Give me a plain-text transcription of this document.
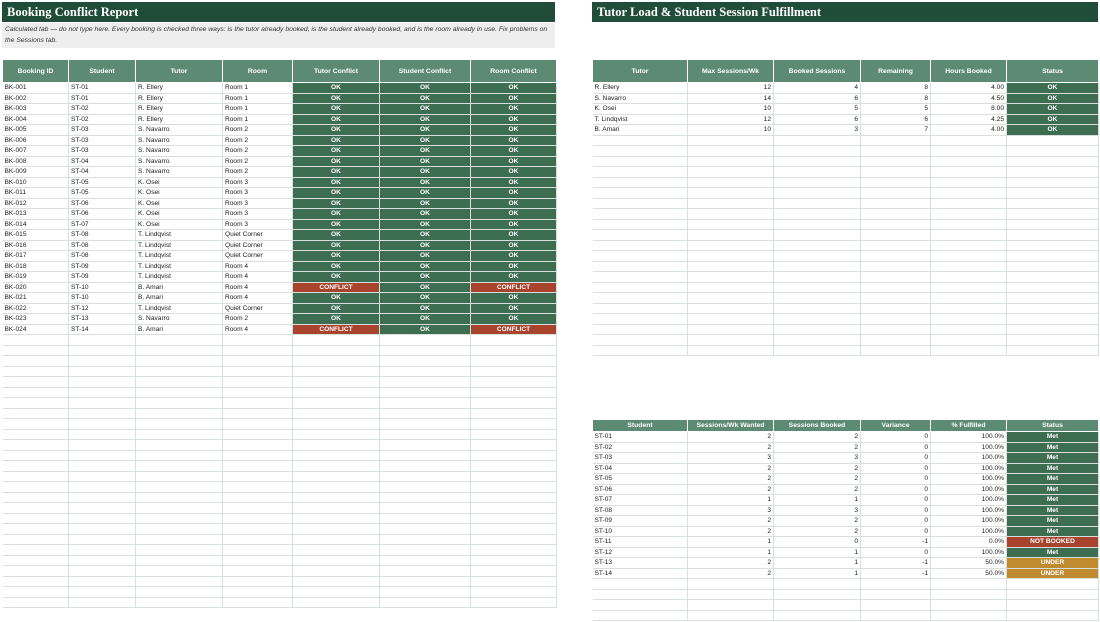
Booking Conflict Report	Tutor Load & Student Session Fulfillment
Calculated tab — do not type here. Every booking is checked three ways: is the tutor already booked, is the student already booked, and is the room already in use. Fix problems on the Sessions tab.
Booking ID	Student	Tutor	Room	Tutor Conflict	Student Conflict	Room Conflict
BK-001	ST-01	R. Ellery	Room 1	OK	OK	OK
BK-002	ST-01	R. Ellery	Room 1	OK	OK	OK
BK-003	ST-02	R. Ellery	Room 1	OK	OK	OK
BK-004	ST-02	R. Ellery	Room 1	OK	OK	OK
BK-005	ST-03	S. Navarro	Room 2	OK	OK	OK
BK-006	ST-03	S. Navarro	Room 2	OK	OK	OK
BK-007	ST-03	S. Navarro	Room 2	OK	OK	OK
BK-008	ST-04	S. Navarro	Room 2	OK	OK	OK
BK-009	ST-04	S. Navarro	Room 2	OK	OK	OK
BK-010	ST-05	K. Osei	Room 3	OK	OK	OK
BK-011	ST-05	K. Osei	Room 3	OK	OK	OK
BK-012	ST-06	K. Osei	Room 3	OK	OK	OK
BK-013	ST-06	K. Osei	Room 3	OK	OK	OK
BK-014	ST-07	K. Osei	Room 3	OK	OK	OK
BK-015	ST-08	T. Lindqvist	Quiet Corner	OK	OK	OK
BK-016	ST-08	T. Lindqvist	Quiet Corner	OK	OK	OK
BK-017	ST-08	T. Lindqvist	Quiet Corner	OK	OK	OK
BK-018	ST-09	T. Lindqvist	Room 4	OK	OK	OK
BK-019	ST-09	T. Lindqvist	Room 4	OK	OK	OK
BK-020	ST-10	B. Amari	Room 4	CONFLICT	OK	CONFLICT
BK-021	ST-10	B. Amari	Room 4	OK	OK	OK
BK-022	ST-12	T. Lindqvist	Quiet Corner	OK	OK	OK
BK-023	ST-13	S. Navarro	Room 2	OK	OK	OK
BK-024	ST-14	B. Amari	Room 4	CONFLICT	OK	CONFLICT

Tutor	Max Sessions/Wk	Booked Sessions	Remaining	Hours Booked	Status
R. Ellery	12	4	8	4.00	OK
S. Navarro	14	6	8	4.50	OK
K. Osei	10	5	5	8.00	OK
T. Lindqvist	12	6	6	4.25	OK
B. Amari	10	3	7	4.00	OK

Student	Sessions/Wk Wanted	Sessions Booked	Variance	% Fulfilled	Status
ST-01	2	2	0	100.0%	Met
ST-02	2	2	0	100.0%	Met
ST-03	3	3	0	100.0%	Met
ST-04	2	2	0	100.0%	Met
ST-05	2	2	0	100.0%	Met
ST-06	2	2	0	100.0%	Met
ST-07	1	1	0	100.0%	Met
ST-08	3	3	0	100.0%	Met
ST-09	2	2	0	100.0%	Met
ST-10	2	2	0	100.0%	Met
ST-11	1	0	-1	0.0%	NOT BOOKED
ST-12	1	1	0	100.0%	Met
ST-13	2	1	-1	50.0%	UNDER
ST-14	2	1	-1	50.0%	UNDER
